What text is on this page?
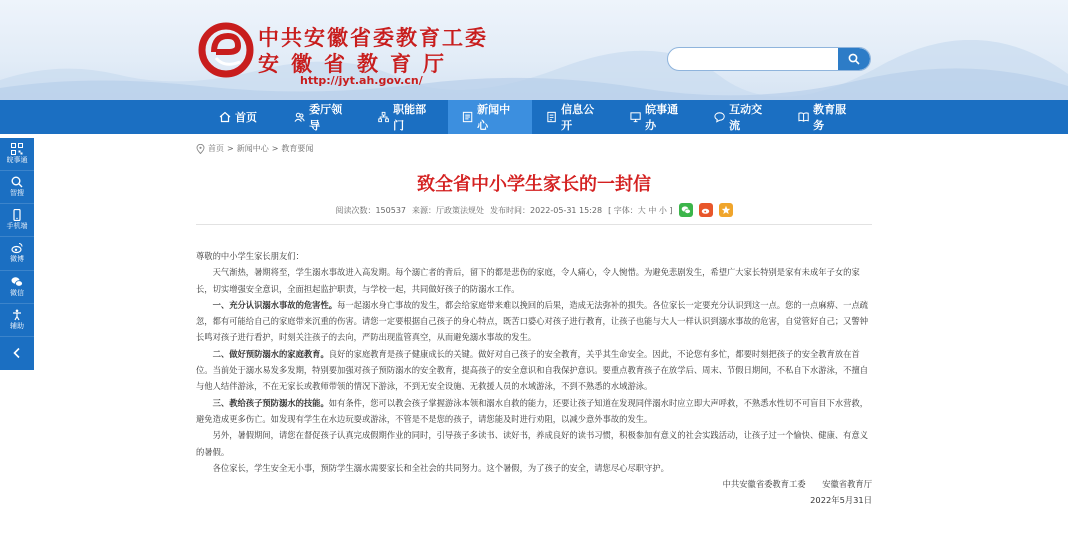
中共安徽省委教育工委
安徽省教育厅
http://jyt.ah.gov.cn/
首页
委厅领导
职能部门
新闻中心
信息公开
皖事通办
互动交流
教育服务
皖事通
智搜
手机端
微博
微信
辅助
首页 > 新闻中心 > 教育要闻
致全省中小学生家长的一封信
阅读次数： 150537 来源： 厅政策法规处 发布时间： 2022-05-31 15:28 [ 字体：大 中 小 ]

尊敬的中小学生家长朋友们：

天气渐热，暑期将至，学生溺水事故进入高发期。每个溺亡者的背后，留下的都是悲伤的家庭，令人痛心，令人惋惜。为避免悲剧发生，希望广大家长特别是家有未成年子女的家长，切实增强安全意识，全面担起监护职责，与学校一起，共同做好孩子的防溺水工作。

一、充分认识溺水事故的危害性。每一起溺水身亡事故的发生，都会给家庭带来难以挽回的后果，造成无法弥补的损失。各位家长一定要充分认识到这一点。您的一点麻痹、一点疏忽，都有可能给自己的家庭带来沉重的伤害。请您一定要根据自己孩子的身心特点，既苦口婆心对孩子进行教育，让孩子也能与大人一样认识到溺水事故的危害，自觉管好自己；又警钟长鸣对孩子进行看护，时刻关注孩子的去向，严防出现监管真空，从而避免溺水事故的发生。

二、做好预防溺水的家庭教育。良好的家庭教育是孩子健康成长的关键。做好对自己孩子的安全教育，关乎其生命安全。因此，不论您有多忙，都要时刻把孩子的安全教育放在首位。当前处于溺水易发多发期，特别要加强对孩子预防溺水的安全教育，提高孩子的安全意识和自我保护意识。要重点教育孩子在放学后、周末、节假日期间，不私自下水游泳，不擅自与他人结伴游泳，不在无家长或教师带领的情况下游泳，不到无安全设施、无救援人员的水域游泳，不到不熟悉的水域游泳。

三、教给孩子预防溺水的技能。如有条件，您可以教会孩子掌握游泳本领和溺水自救的能力，还要让孩子知道在发现同伴溺水时应立即大声呼救，不熟悉水性切不可盲目下水营救，避免造成更多伤亡。如发现有学生在水边玩耍或游泳，不管是不是您的孩子，请您能及时进行劝阻，以减少意外事故的发生。

另外，暑假期间，请您在督促孩子认真完成假期作业的同时，引导孩子多读书、读好书，养成良好的读书习惯，积极参加有意义的社会实践活动，让孩子过一个愉快、健康、有意义的暑假。

各位家长，学生安全无小事，预防学生溺水需要家长和全社会的共同努力。这个暑假，为了孩子的安全，请您尽心尽职守护。

中共安徽省委教育工委　　安徽省教育厅

2022年5月31日
